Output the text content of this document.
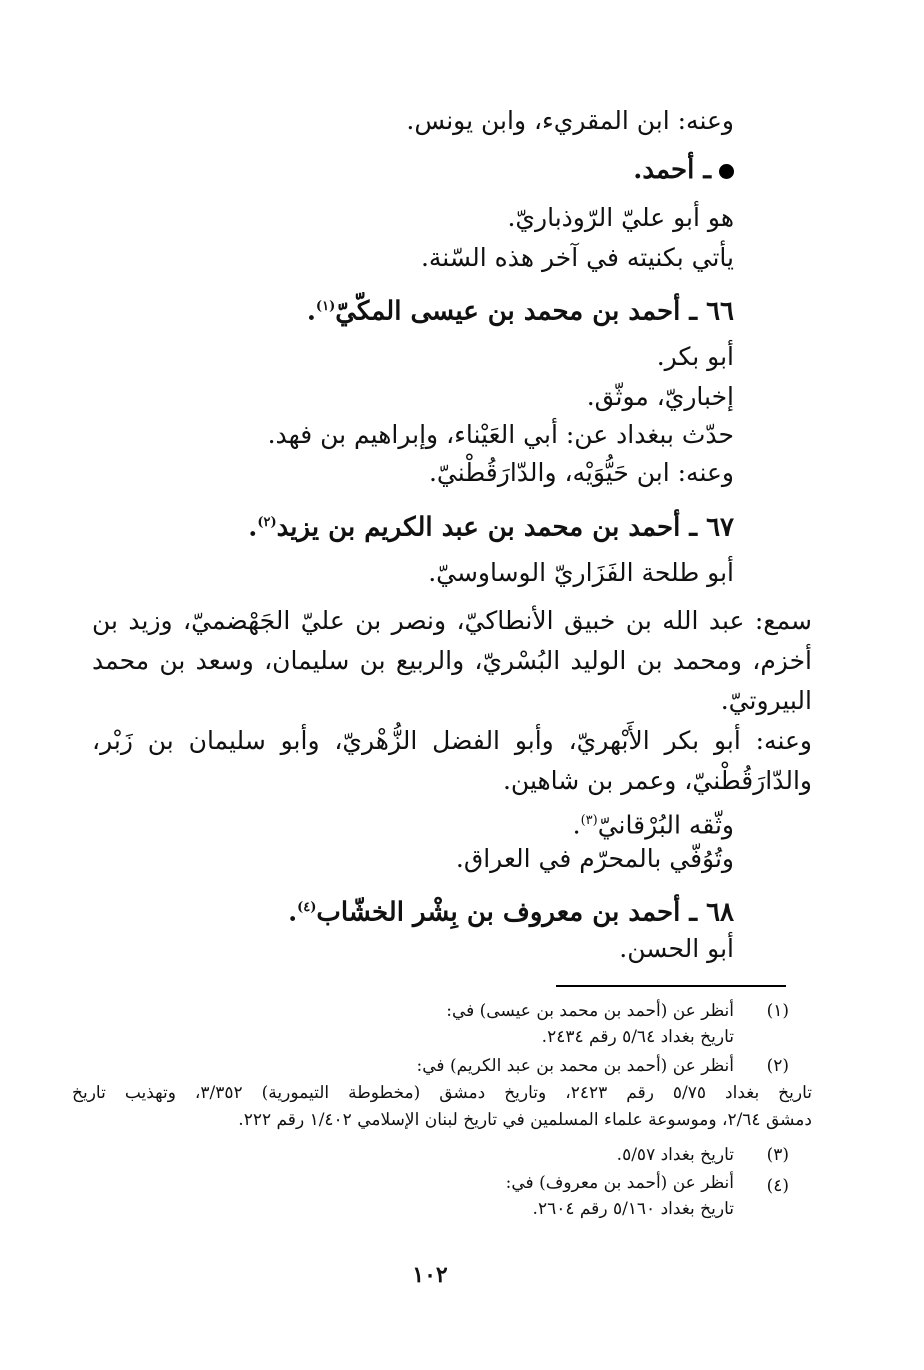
وعنه: ابن المقريء، وابن يونس.
ـ أحمد.
هو أبو عليّ الرّوذباريّ.
يأتي بكنيته في آخر هذه السّنة.
٦٦ ـ أحمد بن محمد بن عيسى المكّيّ$^{(١)}$.
أبو بكر.
إخباريّ، موثّق.
حدّث ببغداد عن: أبي العَيْناء، وإبراهيم بن فهد.
وعنه: ابن حَيُّوَيْه، والدّارَقُطْنيّ.
٦٧ ـ أحمد بن محمد بن عبد الكريم بن يزيد$^{(٢)}$.
أبو طلحة الفَزَاريّ الوساوسيّ.
سمع: عبد الله بن خبيق الأنطاكيّ، ونصر بن عليّ الجَهْضميّ، وزيد بن
أخزم، ومحمد بن الوليد البُسْريّ، والربيع بن سليمان، وسعد بن محمد
البيروتيّ.
وعنه: أبو بكر الأَبْهريّ، وأبو الفضل الزُّهْريّ، وأبو سليمان بن زَبْر،
والدّارَقُطْنيّ، وعمر بن شاهين.
وثّقه البُرْقانيّ$^{(٣)}$.
وتُوُفّي بالمحرّم في العراق.
٦٨ ـ أحمد بن معروف بن بِشْر الخشّاب$^{(٤)}$.
أبو الحسن.
(١)
أنظر عن (أحمد بن محمد بن عيسى) في:
تاريخ بغداد ٥/٦٤ رقم ٢٤٣٤.
(٢)
أنظر عن (أحمد بن محمد بن عبد الكريم) في:
تاريخ بغداد ٥/٧٥ رقم ٢٤٢٣، وتاريخ دمشق (مخطوطة التيمورية) ٣/٣٥٢، وتهذيب تاريخ
دمشق ٢/٦٤، وموسوعة علماء المسلمين في تاريخ لبنان الإسلامي ١/٤٠٢ رقم ٢٢٢.
(٣)
تاريخ بغداد ٥/٥٧.
(٤)
أنظر عن (أحمد بن معروف) في:
تاريخ بغداد ٥/١٦٠ رقم ٢٦٠٤.
١٠٢
